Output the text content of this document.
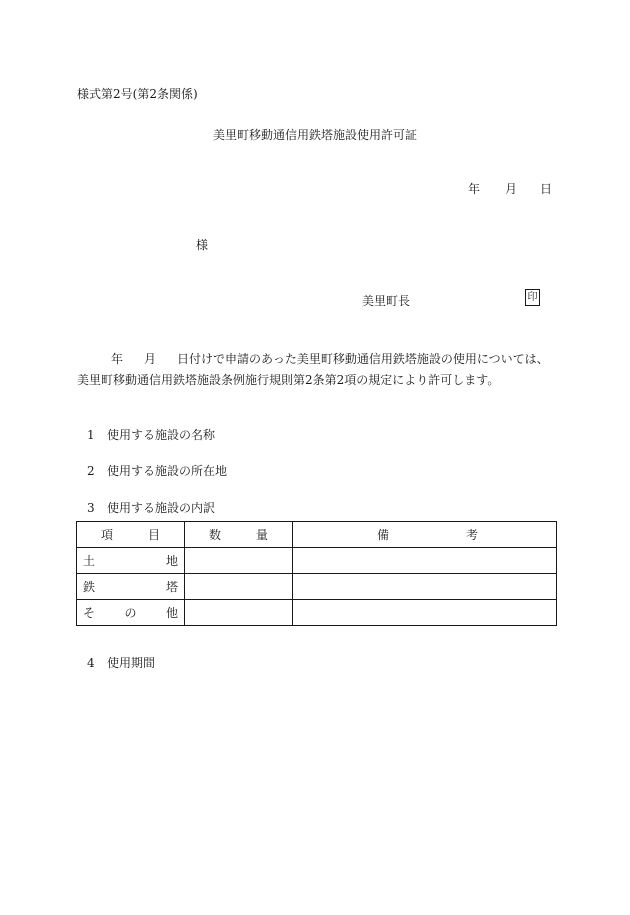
様式第2号(第2条関係)
美里町移動通信用鉄塔施設使用許可証
年 月 日
様
美里町長	印
年 月 日付けで申請のあった美里町移動通信用鉄塔施設の使用については、
美里町移動通信用鉄塔施設条例施行規則第2条第2項の規定により許可します。
1 使用する施設の名称
2 使用する施設の所在地
3 使用する施設の内訳
項 目	数 量	備 考

土 地		

鉄 塔		

そ の 他		

4 使用期間
